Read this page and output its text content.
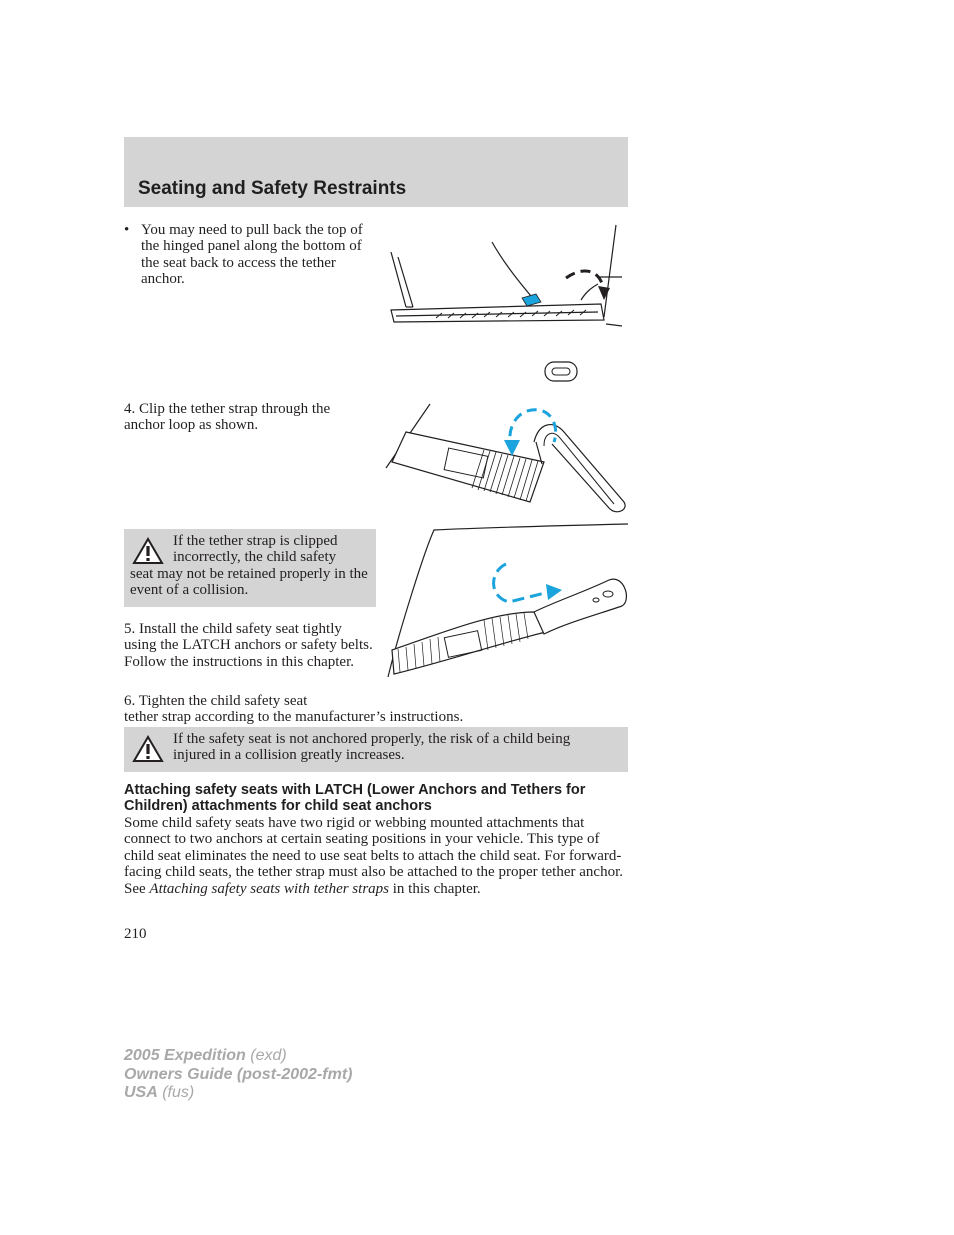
Seating and Safety Restraints
• You may need to pull back the top of the hinged panel along the bottom of the seat back to access the tether anchor.
4. Clip the tether strap through the anchor loop as shown.
If the tether strap is clipped incorrectly, the child safety
seat may not be retained properly in the event of a collision.
5. Install the child safety seat tightly using the LATCH anchors or safety belts. Follow the instructions in this chapter.
6. Tighten the child safety seat
tether strap according to the manufacturer’s instructions.
If the safety seat is not anchored properly, the risk of a child being injured in a collision greatly increases.
Attaching safety seats with LATCH (Lower Anchors and Tethers for Children) attachments for child seat anchors
Some child safety seats have two rigid or webbing mounted attachments that connect to two anchors at certain seating positions in your vehicle. This type of child seat eliminates the need to use seat belts to attach the child seat. For forward-facing child seats, the tether strap must also be attached to the proper tether anchor. See Attaching safety seats with tether straps in this chapter.
210
2005 Expedition (exd)
Owners Guide (post-2002-fmt)
USA (fus)
